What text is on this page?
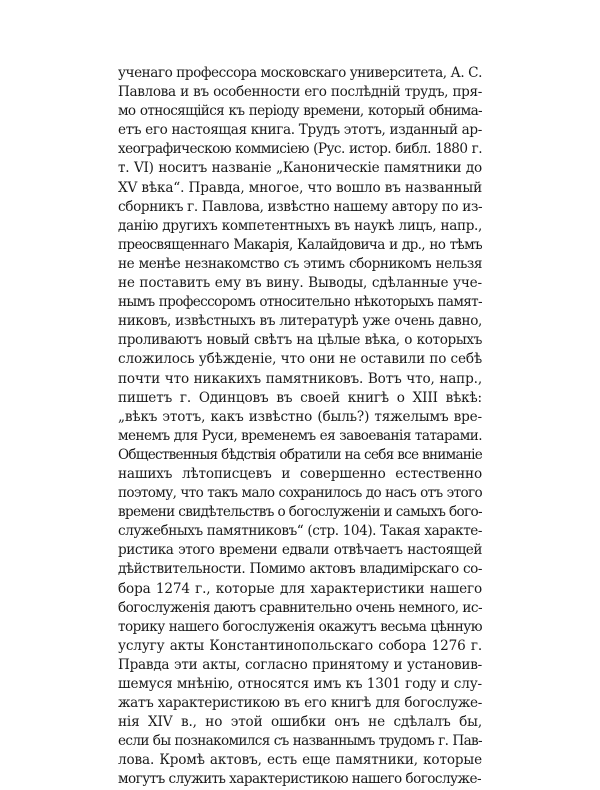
ученаго профессора московскаго университета, А. С.
Павлова и въ особенности его послѣдній трудъ, пря-
мо относящійся къ періоду времени, который обнима-
етъ его настоящая книга. Трудъ этотъ, изданный ар-
хеографическою коммисіею (Рус. истор. библ. 1880 г.
т. VI) носитъ названіе „Каноническіе памятники до
XV вѣка“. Правда, многое, что вошло въ названный
сборникъ г. Павлова, извѣстно нашему автору по из-
данію другихъ компетентныхъ въ наукѣ лицъ, напр.,
преосвященнаго Макарія, Калайдовича и др., но тѣмъ
не менѣе незнакомство съ этимъ сборникомъ нельзя
не поставить ему въ вину. Выводы, сдѣланные уче-
нымъ профессоромъ относительно нѣкоторыхъ памят-
никовъ, извѣстныхъ въ литературѣ уже очень давно,
проливаютъ новый свѣтъ на цѣлые вѣка, о которыхъ
сложилось убѣжденіе, что они не оставили по себѣ
почти что никакихъ памятниковъ. Вотъ что, напр.,
пишетъ г. Одинцовъ въ своей книгѣ о XIII вѣкѣ:
„вѣкъ этотъ, какъ извѣстно (быль?) тяжелымъ вре-
менемъ для Руси, временемъ ея завоеванія татарами.
Общественныя бѣдствія обратили на себя все вниманіе
нашихъ лѣтописцевъ и совершенно естественно
поэтому, что такъ мало сохранилось до насъ отъ этого
времени свидѣтельствъ о богослуженіи и самыхъ бого-
служебныхъ памятниковъ“ (стр. 104). Такая характе-
ристика этого времени едвали отвѣчаетъ настоящей
дѣйствительности. Помимо актовъ владимірскаго со-
бора 1274 г., которые для характеристики нашего
богослуженія даютъ сравнительно очень немного, ис-
торику нашего богослуженія окажутъ весьма цѣнную
услугу акты Константинопольскаго собора 1276 г.
Правда эти акты, согласно принятому и установив-
шемуся мнѣнію, относятся имъ къ 1301 году и слу-
жатъ характеристикою въ его книгѣ для богослуже-
нія XIV в., но этой ошибки онъ не сдѣлалъ бы,
если бы познакомился съ названнымъ трудомъ г. Пав-
лова. Кромѣ актовъ, есть еще памятники, которые
могутъ служить характеристикою нашего богослуже-
